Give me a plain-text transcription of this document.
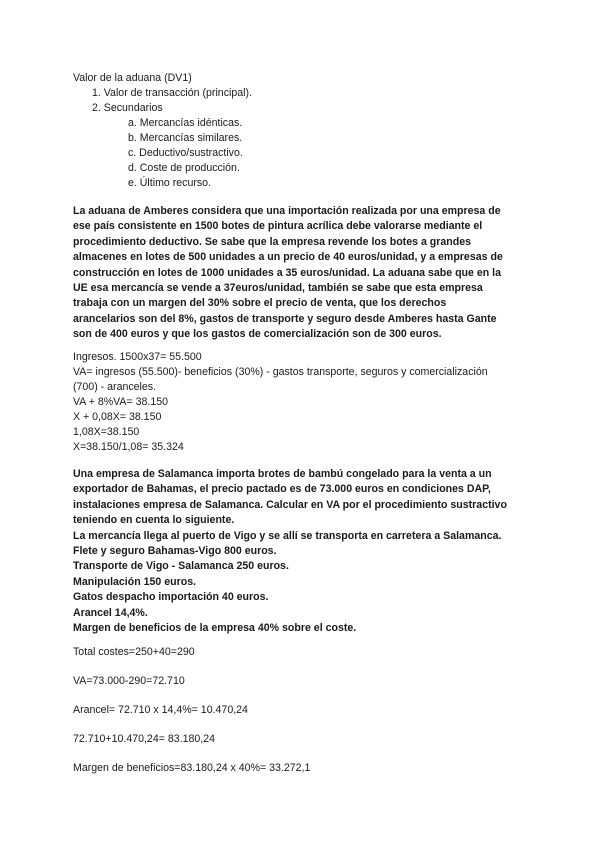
Valor de la aduana (DV1)
1. Valor de transacción (principal).
2. Secundarios
a. Mercancías idénticas.
b. Mercancías similares.
c. Deductivo/sustractivo.
d. Coste de producción.
e. Último recurso.
La aduana de Amberes considera que una importación realizada por una empresa de
ese país consistente en 1500 botes de pintura acrílica debe valorarse mediante el
procedimiento deductivo. Se sabe que la empresa revende los botes a grandes
almacenes en lotes de 500 unidades a un precio de 40 euros/unidad, y a empresas de
construcción en lotes de 1000 unidades a 35 euros/unidad. La aduana sabe que en la
UE esa mercancía se vende a 37euros/unidad, también se sabe que esta empresa
trabaja con un margen del 30% sobre el precio de venta, que los derechos
arancelarios son del 8%, gastos de transporte y seguro desde Amberes hasta Gante
son de 400 euros y que los gastos de comercialización son de 300 euros.
Ingresos. 1500x37= 55.500
VA= ingresos (55.500)- beneficios (30%) - gastos transporte, seguros y comercialización
(700) - aranceles.
VA + 8%VA= 38.150
X + 0,08X= 38.150
1,08X=38.150
X=38.150/1,08= 35.324
Una empresa de Salamanca importa brotes de bambú congelado para la venta a un
exportador de Bahamas, el precio pactado es de 73.000 euros en condiciones DAP,
instalaciones empresa de Salamanca. Calcular en VA por el procedimiento sustractivo
teniendo en cuenta lo siguiente.
La mercancía llega al puerto de Vigo y se allí se transporta en carretera a Salamanca.
Flete y seguro Bahamas-Vigo 800 euros.
Transporte de Vigo - Salamanca 250 euros.
Manipulación 150 euros.
Gatos despacho importación 40 euros.
Arancel 14,4%.
Margen de beneficios de la empresa 40% sobre el coste.
Total costes=250+40=290
VA=73.000-290=72.710
Arancel= 72.710 x 14,4%= 10.470,24
72.710+10.470,24= 83.180,24
Margen de beneficios=83.180,24 x 40%= 33.272,1
